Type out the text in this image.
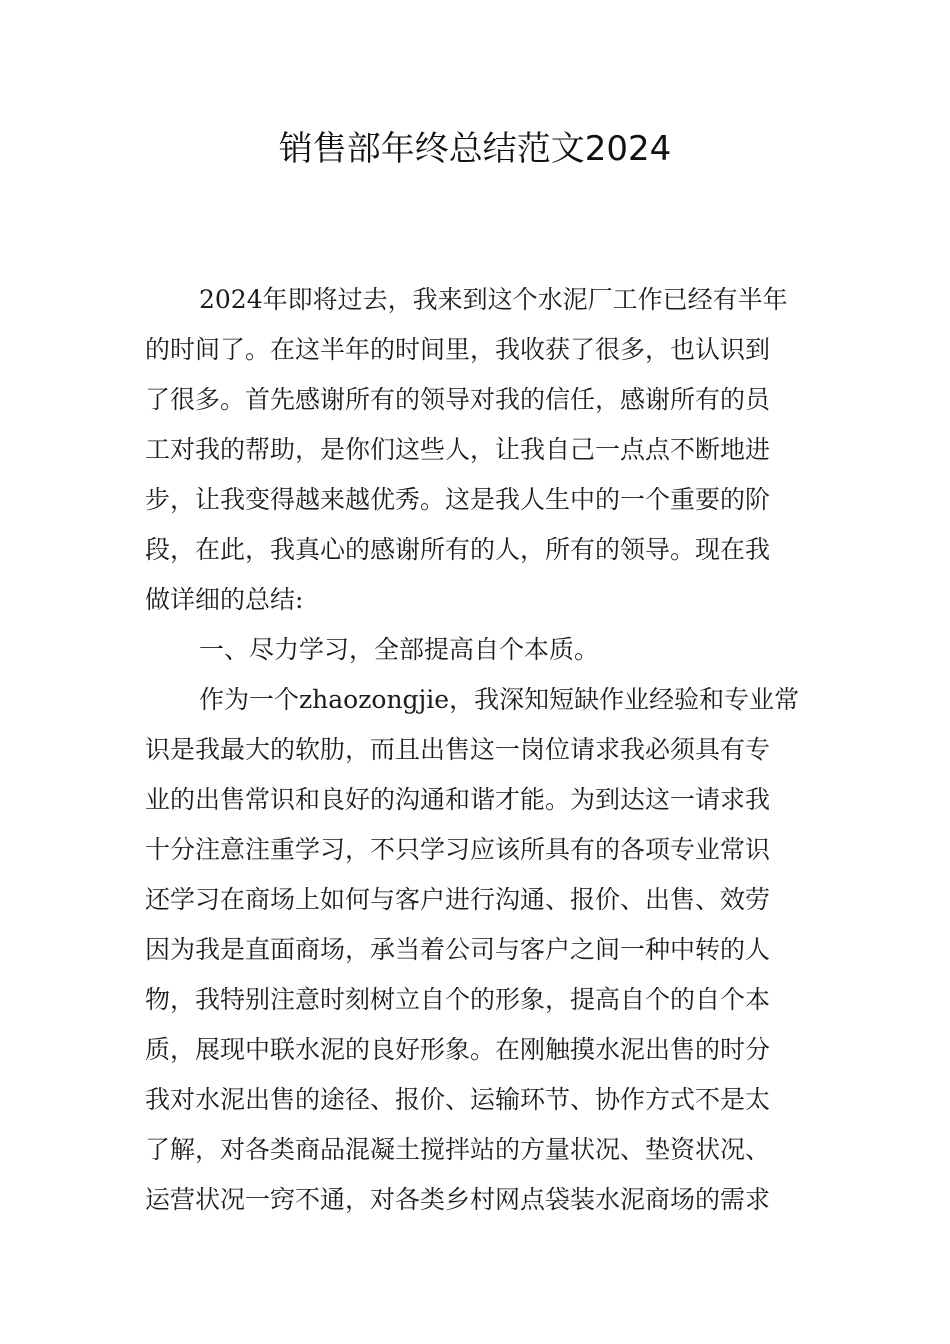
销售部年终总结范文2024
2024年即将过去，我来到这个水泥厂工作已经有半年
的时间了。在这半年的时间里，我收获了很多，也认识到
了很多。首先感谢所有的领导对我的信任，感谢所有的员
工对我的帮助，是你们这些人，让我自己一点点不断地进
步，让我变得越来越优秀。这是我人生中的一个重要的阶
段，在此，我真心的感谢所有的人，所有的领导。现在我
做详细的总结:
一、尽力学习，全部提高自个本质。
作为一个zhaozongjie，我深知短缺作业经验和专业常
识是我最大的软肋，而且出售这一岗位请求我必须具有专
业的出售常识和良好的沟通和谐才能。为到达这一请求我
十分注意注重学习，不只学习应该所具有的各项专业常识
还学习在商场上如何与客户进行沟通、报价、出售、效劳
因为我是直面商场，承当着公司与客户之间一种中转的人
物，我特别注意时刻树立自个的形象，提高自个的自个本
质，展现中联水泥的良好形象。在刚触摸水泥出售的时分
我对水泥出售的途径、报价、运输环节、协作方式不是太
了解，对各类商品混凝土搅拌站的方量状况、垫资状况、
运营状况一窍不通，对各类乡村网点袋装水泥商场的需求
